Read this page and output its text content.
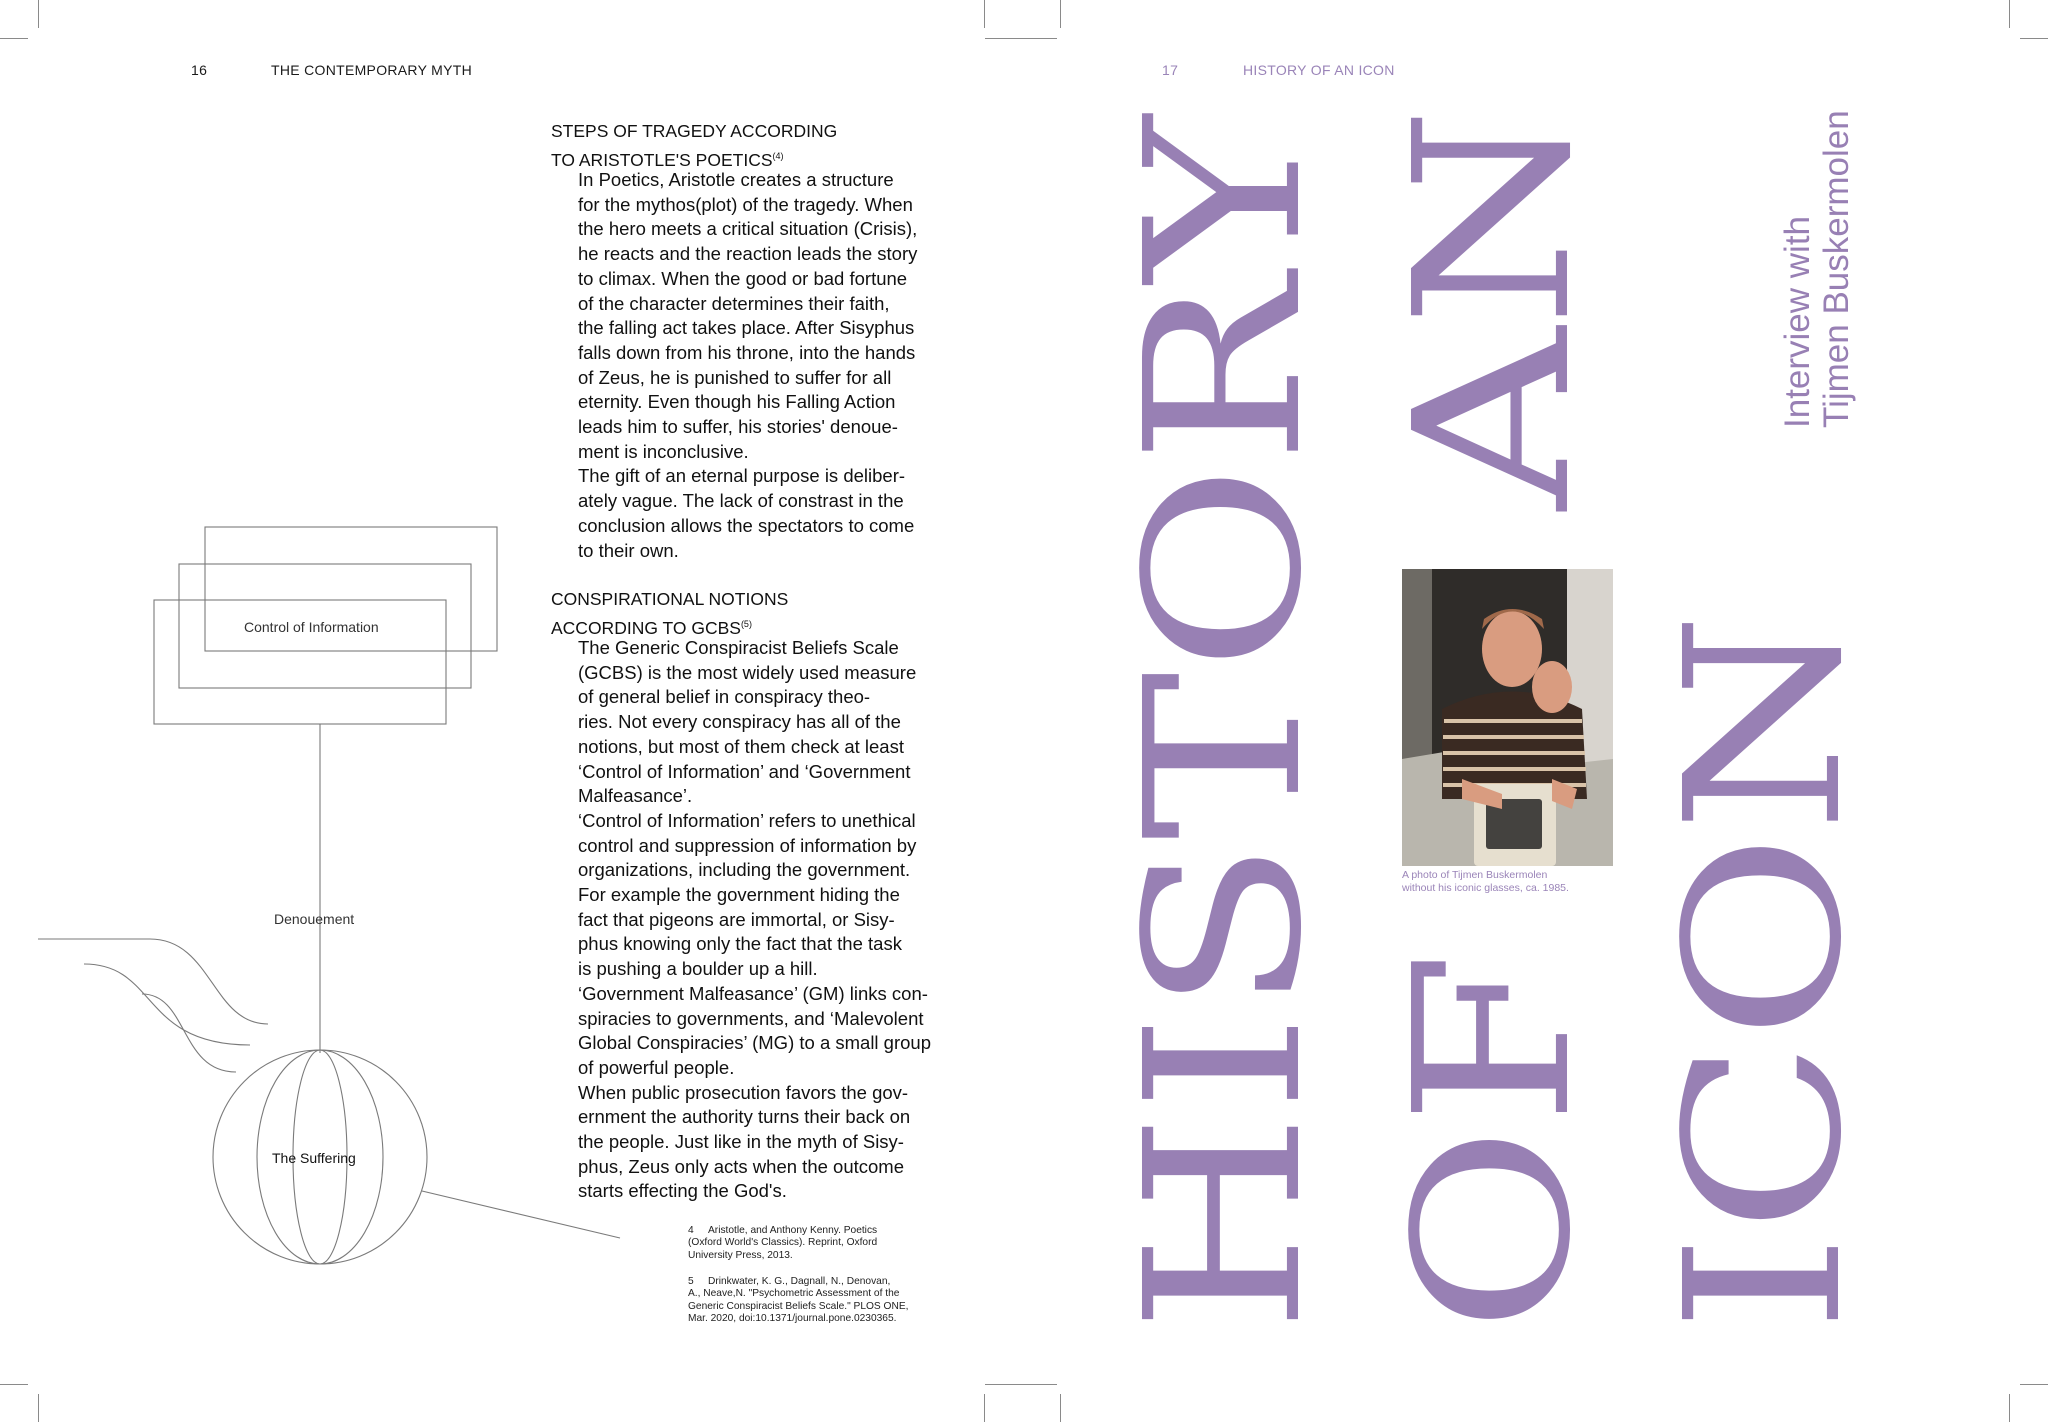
16	THE CONTEMPORARY MYTH
Control of Information
Denouement
The Suffering
STEPS OF TRAGEDY ACCORDING
TO ARISTOTLE'S POETICS$^{(4)}$
In Poetics, Aristotle creates a structure
for the mythos(plot) of the tragedy. When
the hero meets a critical situation (Crisis),
he reacts and the reaction leads the story
to climax. When the good or bad fortune
of the character determines their faith,
the falling act takes place. After Sisyphus
falls down from his throne, into the hands
of Zeus, he is punished to suffer for all
eternity. Even though his Falling Action
leads him to suffer, his stories' denoue-
ment is inconclusive.
The gift of an eternal purpose is deliber-
ately vague. The lack of constrast in the
conclusion allows the spectators to come
to their own.
CONSPIRATIONAL NOTIONS
ACCORDING TO GCBS$^{(5)}$
The Generic Conspiracist Beliefs Scale
(GCBS) is the most widely used measure
of general belief in conspiracy theo-
ries. Not every conspiracy has all of the
notions, but most of them check at least
‘Control of Information’ and ‘Government
Malfeasance’.
‘Control of Information’ refers to unethical
control and suppression of information by
organizations, including the government.
For example the government hiding the
fact that pigeons are immortal, or Sisy-
phus knowing only the fact that the task
is pushing a boulder up a hill.
‘Government Malfeasance’ (GM) links con-
spiracies to governments, and ‘Malevolent
Global Conspiracies’ (MG) to a small group
of powerful people.
When public prosecution favors the gov-
ernment the authority turns their back on
the people. Just like in the myth of Sisy-
phus, Zeus only acts when the outcome
starts effecting the God's.
4 Aristotle, and Anthony Kenny. Poetics
(Oxford World's Classics). Reprint, Oxford
University Press, 2013.
5 Drinkwater, K. G., Dagnall, N., Denovan,
A., Neave,N. "Psychometric Assessment of the
Generic Conspiracist Beliefs Scale." PLOS ONE,
Mar. 2020, doi:10.1371/journal.pone.0230365.
17	HISTORY OF AN ICON
HISTORY OF
AN
ICON
Interview with Tijmen Buskermolen
A photo of Tijmen Buskermolen
without his iconic glasses, ca. 1985.
